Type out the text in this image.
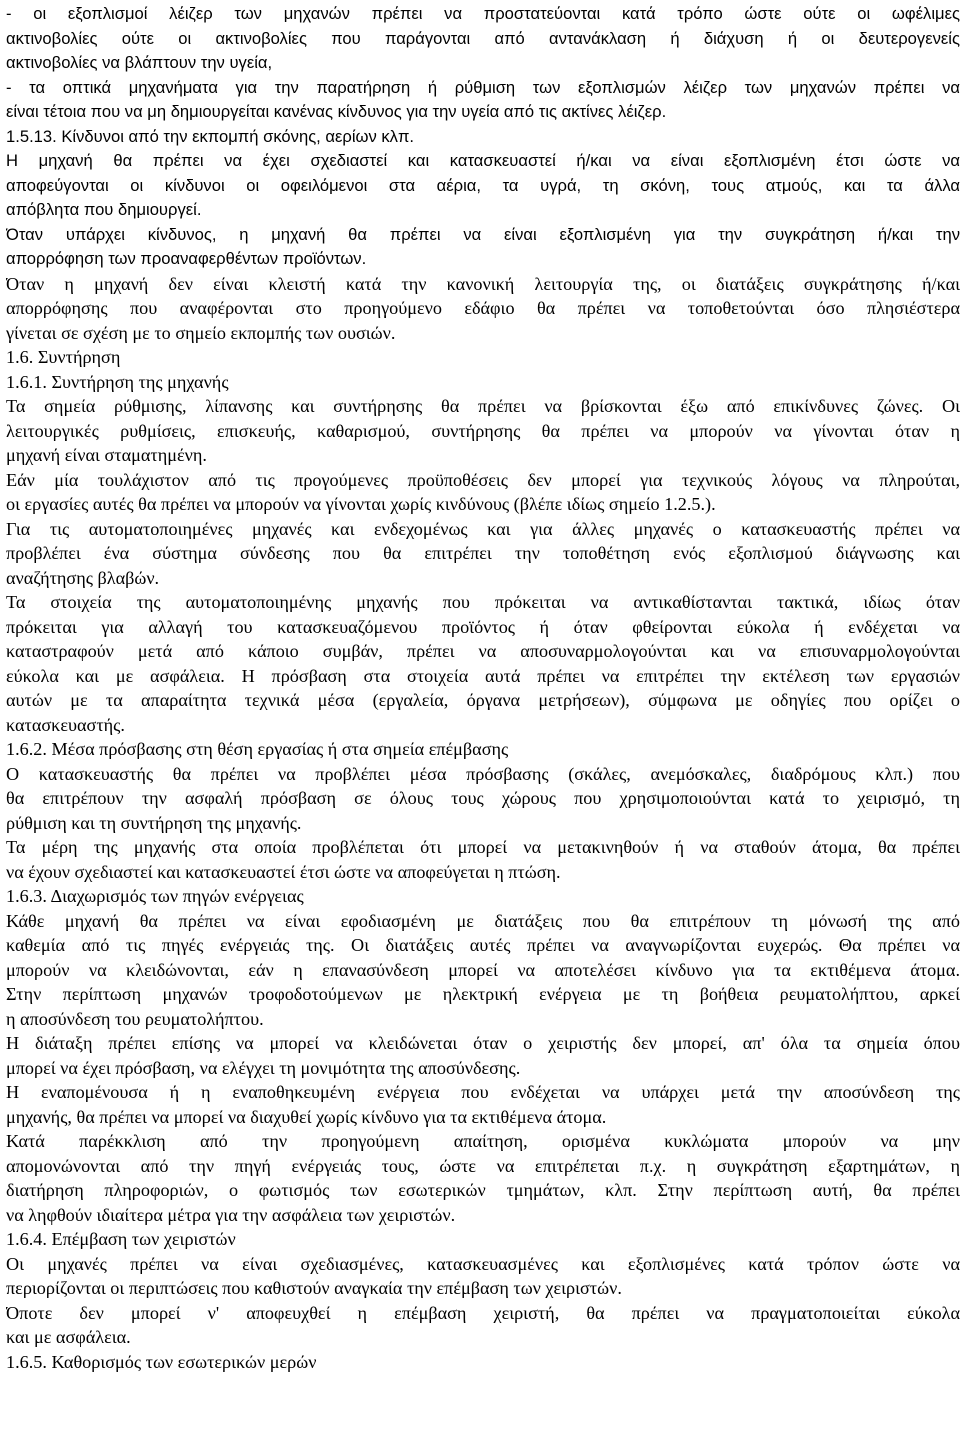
- οι εξοπλισμοί λέιζερ των μηχανών πρέπει να προστατεύονται κατά τρόπο ώστε ούτε οι ωφέλιμες
ακτινοβολίες ούτε οι ακτινοβολίες που παράγονται από αντανάκλαση ή διάχυση ή οι δευτερογενείς
ακτινοβολίες να βλάπτουν την υγεία,
- τα οπτικά μηχανήματα για την παρατήρηση ή ρύθμιση των εξοπλισμών λέιζερ των μηχανών πρέπει να
είναι τέτοια που να μη δημιουργείται κανένας κίνδυνος για την υγεία από τις ακτίνες λέιζερ.
1.5.13. Κίνδυνοι από την εκπομπή σκόνης, αερίων κλπ.
Η μηχανή θα πρέπει να έχει σχεδιαστεί και κατασκευαστεί ή/και να είναι εξοπλισμένη έτσι ώστε να
αποφεύγονται οι κίνδυνοι οι οφειλόμενοι στα αέρια, τα υγρά, τη σκόνη, τους ατμούς, και τα άλλα
απόβλητα που δημιουργεί.
Όταν υπάρχει κίνδυνος, η μηχανή θα πρέπει να είναι εξοπλισμένη για την συγκράτηση ή/και την
απορρόφηση των προαναφερθέντων προϊόντων.
Όταν η μηχανή δεν είναι κλειστή κατά την κανονική λειτουργία της, οι διατάξεις συγκράτησης ή/και
απορρόφησης που αναφέρονται στο προηγούμενο εδάφιο θα πρέπει να τοποθετούνται όσο πλησιέστερα
γίνεται σε σχέση με το σημείο εκπομπής των ουσιών.
1.6. Συντήρηση
1.6.1. Συντήρηση της μηχανής
Τα σημεία ρύθμισης, λίπανσης και συντήρησης θα πρέπει να βρίσκονται έξω από επικίνδυνες ζώνες. Οι
λειτουργικές ρυθμίσεις, επισκευής, καθαρισμού, συντήρησης θα πρέπει να μπορούν να γίνονται όταν η
μηχανή είναι σταματημένη.
Εάν μία τουλάχιστον από τις προγούμενες προϋποθέσεις δεν μπορεί για τεχνικούς λόγους να πληρούται,
οι εργασίες αυτές θα πρέπει να μπορούν να γίνονται χωρίς κινδύνους (βλέπε ιδίως σημείο 1.2.5.).
Για τις αυτοματοποιημένες μηχανές και ενδεχομένως και για άλλες μηχανές ο κατασκευαστής πρέπει να
προβλέπει ένα σύστημα σύνδεσης που θα επιτρέπει την τοποθέτηση ενός εξοπλισμού διάγνωσης και
αναζήτησης βλαβών.
Τα στοιχεία της αυτοματοποιημένης μηχανής που πρόκειται να αντικαθίστανται τακτικά, ιδίως όταν
πρόκειται για αλλαγή του κατασκευαζόμενου προϊόντος ή όταν φθείρονται εύκολα ή ενδέχεται να
καταστραφούν μετά από κάποιο συμβάν, πρέπει να αποσυναρμολογούνται και να επισυναρμολογούνται
εύκολα και με ασφάλεια. Η πρόσβαση στα στοιχεία αυτά πρέπει να επιτρέπει την εκτέλεση των εργασιών
αυτών με τα απαραίτητα τεχνικά μέσα (εργαλεία, όργανα μετρήσεων), σύμφωνα με οδηγίες που ορίζει ο
κατασκευαστής.
1.6.2. Μέσα πρόσβασης στη θέση εργασίας ή στα σημεία επέμβασης
Ο κατασκευαστής θα πρέπει να προβλέπει μέσα πρόσβασης (σκάλες, ανεμόσκαλες, διαδρόμους κλπ.) που
θα επιτρέπουν την ασφαλή πρόσβαση σε όλους τους χώρους που χρησιμοποιούνται κατά το χειρισμό, τη
ρύθμιση και τη συντήρηση της μηχανής.
Τα μέρη της μηχανής στα οποία προβλέπεται ότι μπορεί να μετακινηθούν ή να σταθούν άτομα, θα πρέπει
να έχουν σχεδιαστεί και κατασκευαστεί έτσι ώστε να αποφεύγεται η πτώση.
1.6.3. Διαχωρισμός των πηγών ενέργειας
Κάθε μηχανή θα πρέπει να είναι εφοδιασμένη με διατάξεις που θα επιτρέπουν τη μόνωσή της από
καθεμία από τις πηγές ενέργειάς της. Οι διατάξεις αυτές πρέπει να αναγνωρίζονται ευχερώς. Θα πρέπει να
μπορούν να κλειδώνονται, εάν η επανασύνδεση μπορεί να αποτελέσει κίνδυνο για τα εκτιθέμενα άτομα.
Στην περίπτωση μηχανών τροφοδοτούμενων με ηλεκτρική ενέργεια με τη βοήθεια ρευματολήπτου, αρκεί
η αποσύνδεση του ρευματολήπτου.
Η διάταξη πρέπει επίσης να μπορεί να κλειδώνεται όταν ο χειριστής δεν μπορεί, απ' όλα τα σημεία όπου
μπορεί να έχει πρόσβαση, να ελέγχει τη μονιμότητα της αποσύνδεσης.
Η εναπομένουσα ή η εναποθηκευμένη ενέργεια που ενδέχεται να υπάρχει μετά την αποσύνδεση της
μηχανής, θα πρέπει να μπορεί να διαχυθεί χωρίς κίνδυνο για τα εκτιθέμενα άτομα.
Κατά παρέκκλιση από την προηγούμενη απαίτηση, ορισμένα κυκλώματα μπορούν να μην
απομονώνονται από την πηγή ενέργειάς τους, ώστε να επιτρέπεται π.χ. η συγκράτηση εξαρτημάτων, η
διατήρηση πληροφοριών, ο φωτισμός των εσωτερικών τμημάτων, κλπ. Στην περίπτωση αυτή, θα πρέπει
να ληφθούν ιδιαίτερα μέτρα για την ασφάλεια των χειριστών.
1.6.4. Επέμβαση των χειριστών
Οι μηχανές πρέπει να είναι σχεδιασμένες, κατασκευασμένες και εξοπλισμένες κατά τρόπον ώστε να
περιορίζονται οι περιπτώσεις που καθιστούν αναγκαία την επέμβαση των χειριστών.
Όποτε δεν μπορεί ν' αποφευχθεί η επέμβαση χειριστή, θα πρέπει να πραγματοποιείται εύκολα
και με ασφάλεια.
1.6.5. Καθορισμός των εσωτερικών μερών
